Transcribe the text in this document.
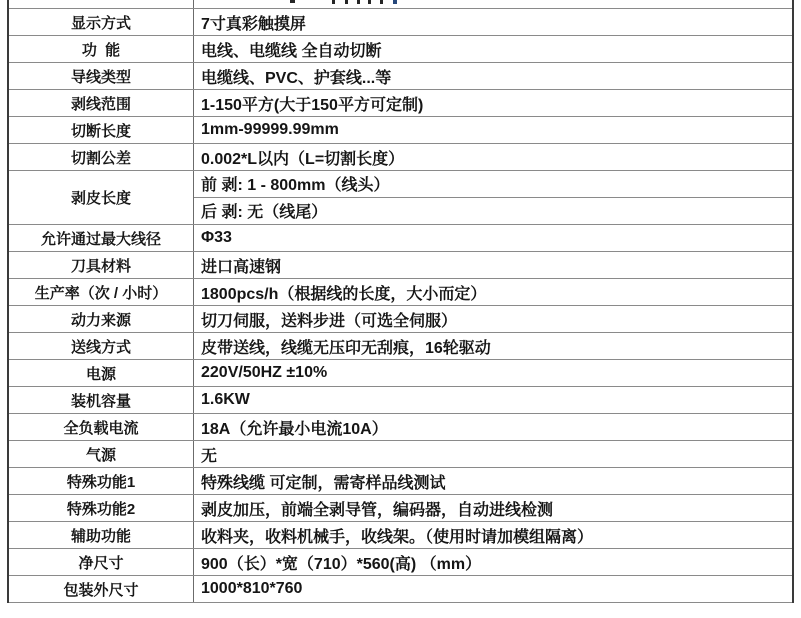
显示方式	7寸真彩触摸屏
功  能	电线、电缆线 全自动切断
导线类型	电缆线、PVC、护套线...等
剥线范围	1-150平方(大于150平方可定制)
切断长度	1mm-99999.99mm
切割公差	0.002*L以内（L=切割长度）
剥皮长度
前 剥: 1 - 800mm（线头）
后 剥: 无（线尾）
允许通过最大线径	Φ33
刀具材料	进口高速钢
生产率（次 / 小时）	1800pcs/h（根据线的长度，大小而定）
动力来源	切刀伺服，送料步进（可选全伺服）
送线方式	皮带送线，线缆无压印无刮痕，16轮驱动
电源	220V/50HZ ±10%
装机容量	1.6KW
全负载电流	18A（允许最小电流10A）
气源	无
特殊功能1	特殊线缆 可定制，需寄样品线测试
特殊功能2	剥皮加压，前端全剥导管，编码器，自动进线检测
辅助功能	收料夹，收料机械手，收线架。（使用时请加模组隔离）
净尺寸	900（长）*宽（710）*560(高) （mm）
包装外尺寸	1000*810*760
